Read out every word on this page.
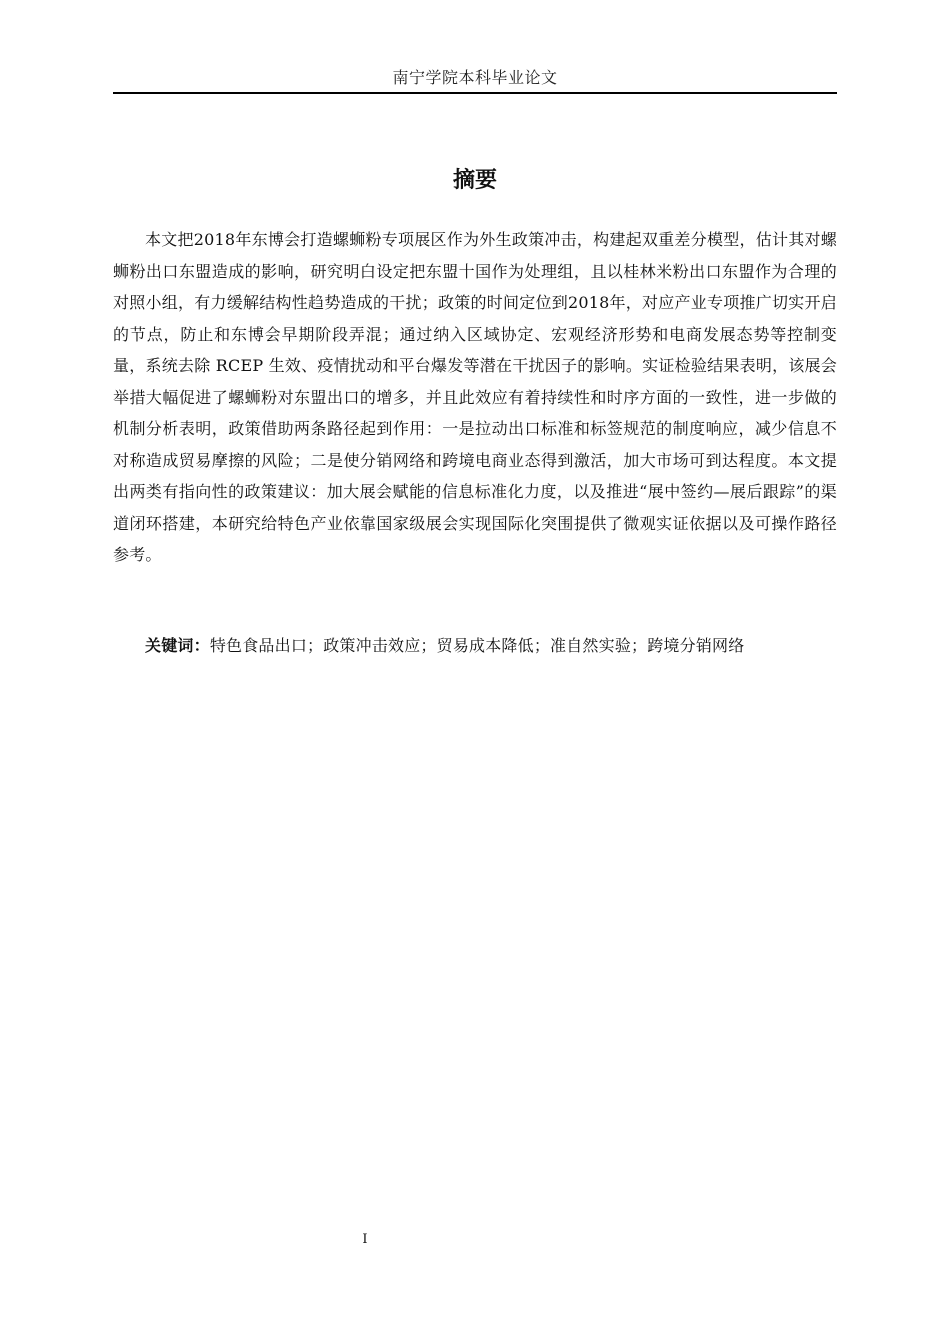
南宁学院本科毕业论文
摘要

本文把2018年东博会打造螺蛳粉专项展区作为外生政策冲击，构建起双重差分模型，估计其对螺蛳粉出口东盟造成的影响，研究明白设定把东盟十国作为处理组，且以桂林米粉出口东盟作为合理的对照小组，有力缓解结构性趋势造成的干扰；政策的时间定位到2018年，对应产业专项推广切实开启的节点，防止和东博会早期阶段弄混；通过纳入区域协定、宏观经济形势和电商发展态势等控制变量，系统去除 RCEP 生效、疫情扰动和平台爆发等潜在干扰因子的影响。实证检验结果表明，该展会举措大幅促进了螺蛳粉对东盟出口的增多，并且此效应有着持续性和时序方面的一致性，进一步做的机制分析表明，政策借助两条路径起到作用：一是拉动出口标准和标签规范的制度响应，减少信息不对称造成贸易摩擦的风险；二是使分销网络和跨境电商业态得到激活，加大市场可到达程度。本文提出两类有指向性的政策建议：加大展会赋能的信息标准化力度，以及推进“展中签约—展后跟踪”的渠道闭环搭建，本研究给特色产业依靠国家级展会实现国际化突围提供了微观实证依据以及可操作路径参考。

关键词：特色食品出口；政策冲击效应；贸易成本降低；准自然实验；跨境分销网络

I
